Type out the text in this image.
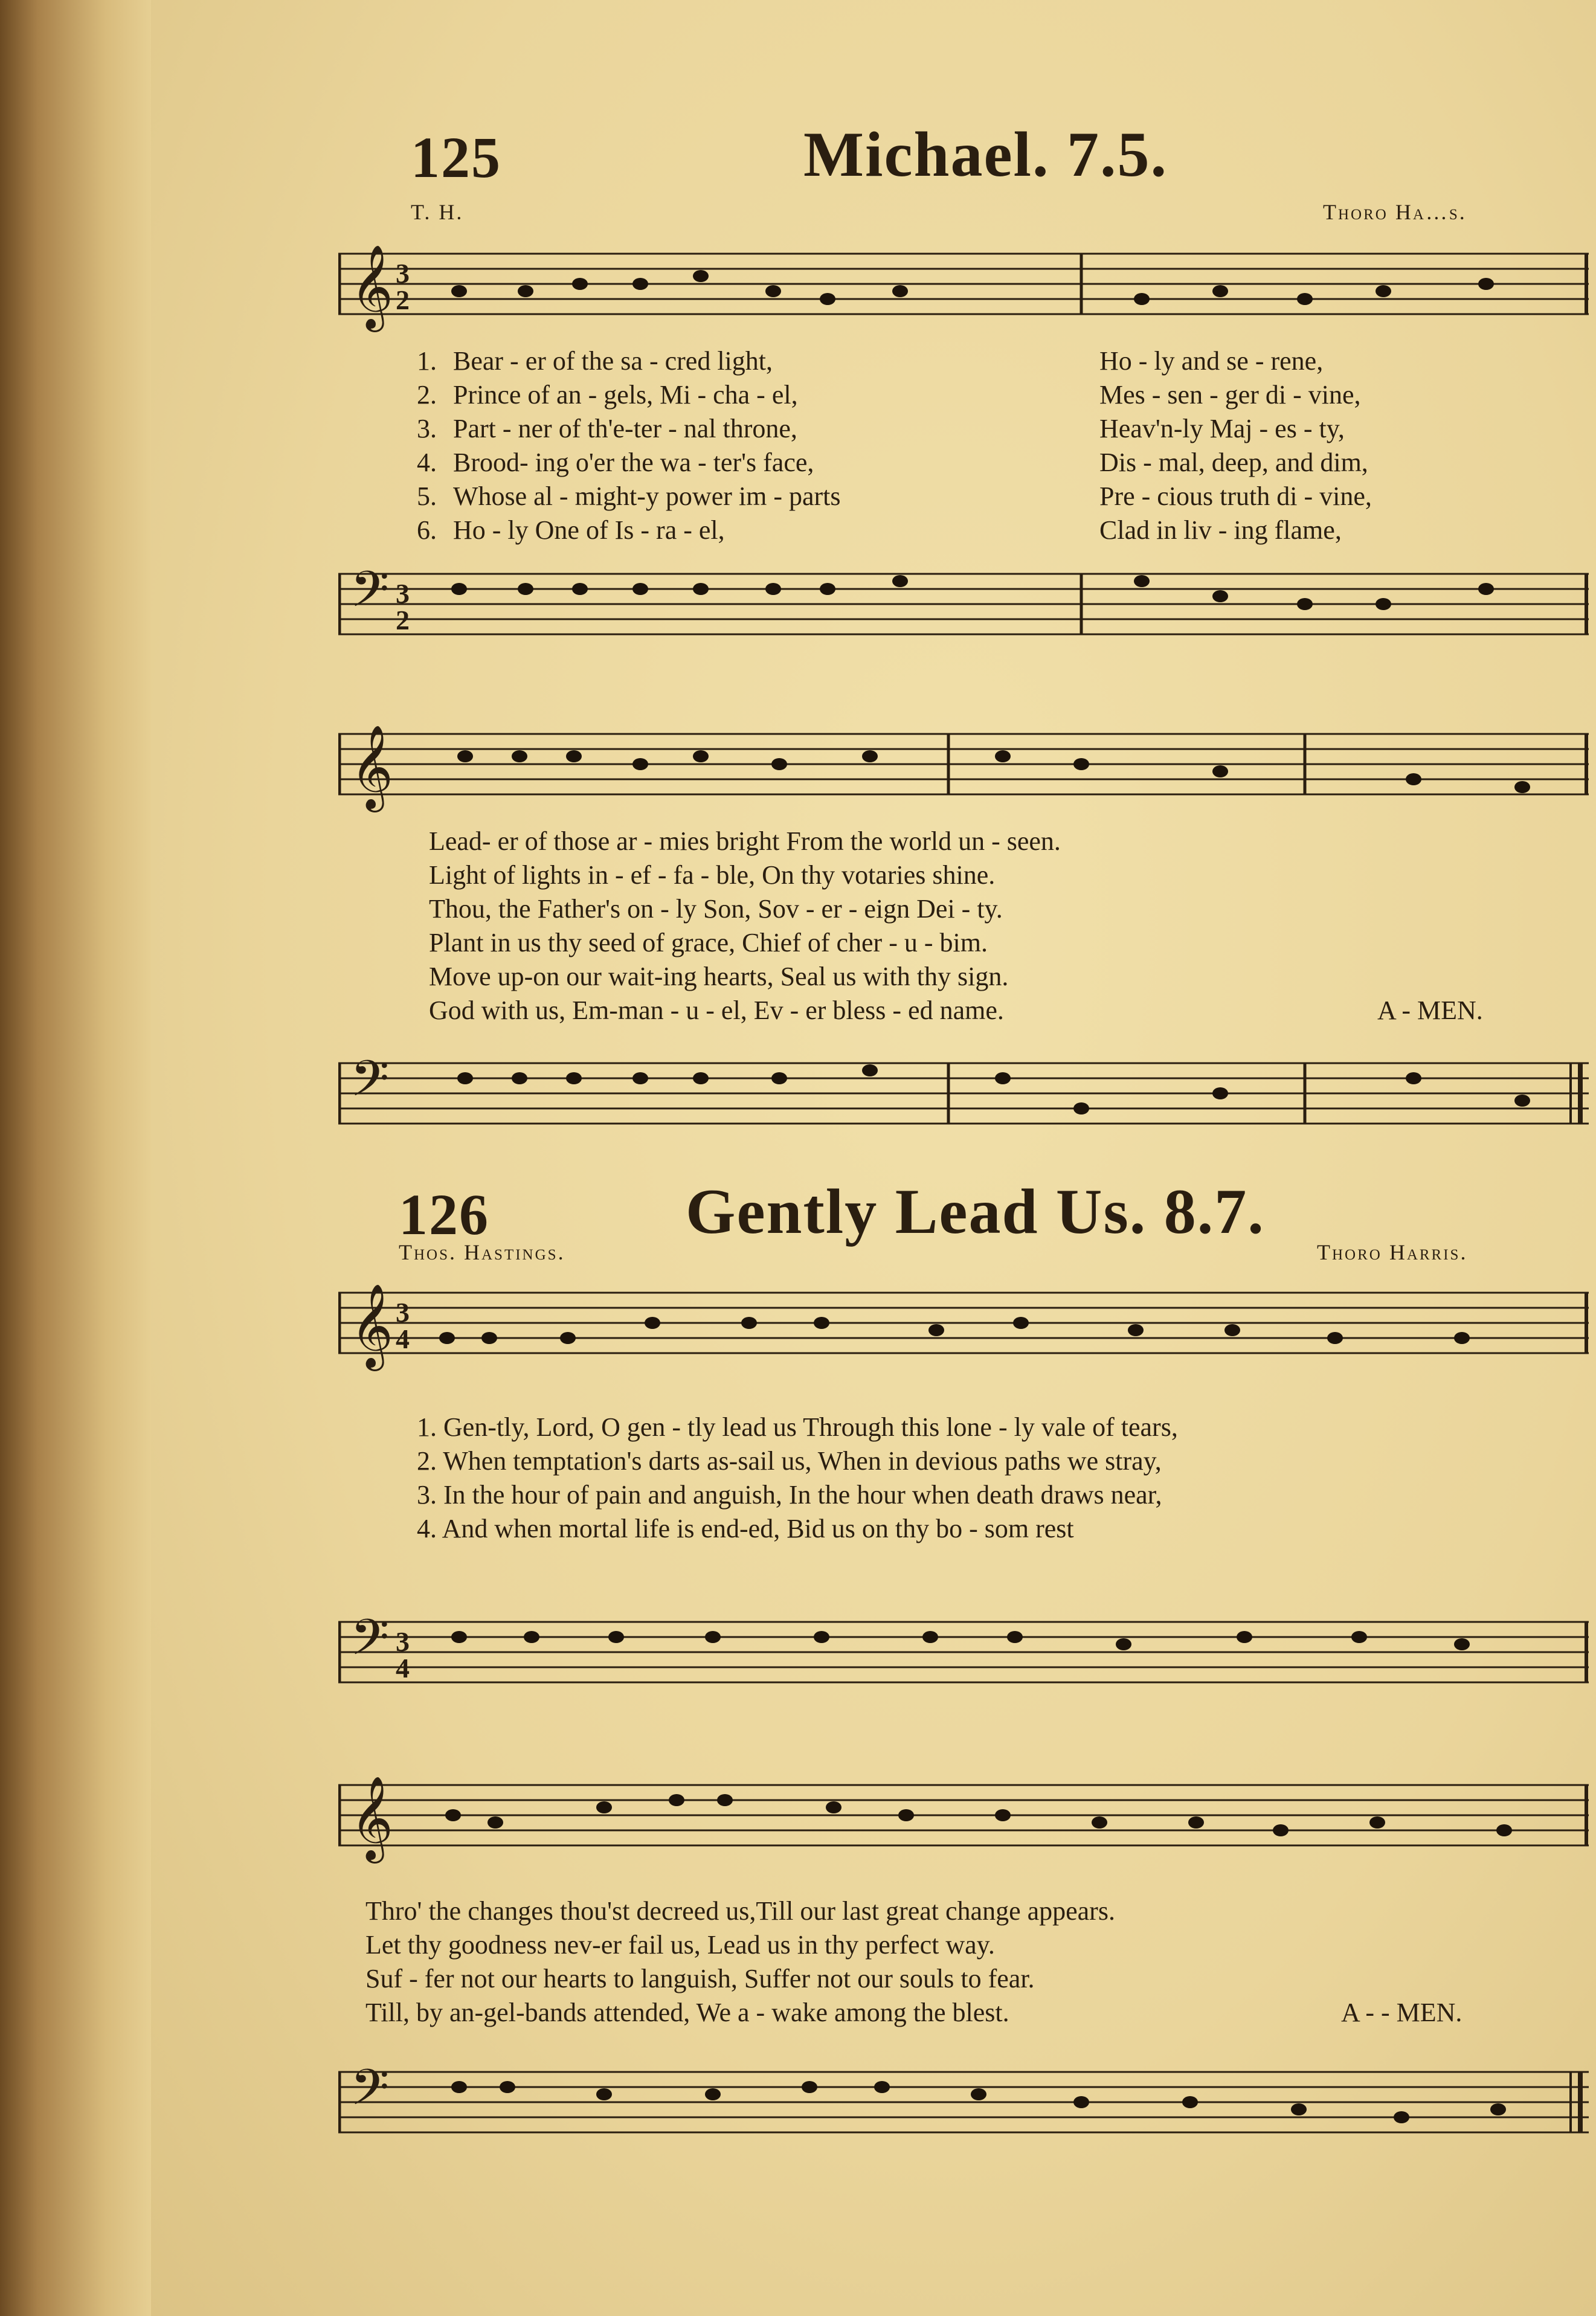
125	Michael. 7.5.
T. H.	Thoro Ha…s.
𝄞 3
2
1. Bear - er of the sa - cred light,	Ho - ly and se - rene,
2. Prince of an - gels, Mi - cha - el,	Mes - sen - ger di - vine,
3. Part - ner of th'e-ter - nal throne,	Heav'n-ly Maj - es - ty,
4. Brood- ing o'er the wa - ter's face,	Dis - mal, deep, and dim,
5. Whose al - might-y power im - parts	Pre - cious truth di - vine,
6. Ho - ly One of Is - ra - el,	Clad in liv - ing flame,
𝄢 3
2
𝄞
Lead- er of those ar - mies bright From the world un - seen.
Light of lights in - ef - fa - ble, On thy votaries shine.
Thou, the Father's on - ly Son, Sov - er - eign Dei - ty.
Plant in us thy seed of grace, Chief of cher - u - bim.
Move up-on our wait-ing hearts, Seal us with thy sign.
God with us, Em-man - u - el, Ev - er bless - ed name.	A - MEN.
𝄢
126	Gently Lead Us. 8.7.
Thos. Hastings.	Thoro Harris.
𝄞 3
4
1. Gen-tly, Lord, O gen - tly lead us Through this lone - ly vale of tears,
2. When temptation's darts as-sail us, When in devious paths we stray,
3. In the hour of pain and anguish, In the hour when death draws near,
4. And when mortal life is end-ed, Bid us on thy bo - som rest
𝄢 3
4
𝄞
Thro' the changes thou'st decreed us,Till our last great change appears.
Let thy goodness nev-er fail us, Lead us in thy perfect way.
Suf - fer not our hearts to languish, Suffer not our souls to fear.
Till, by an-gel-bands attended, We a - wake among the blest.	A - - MEN.
𝄢
